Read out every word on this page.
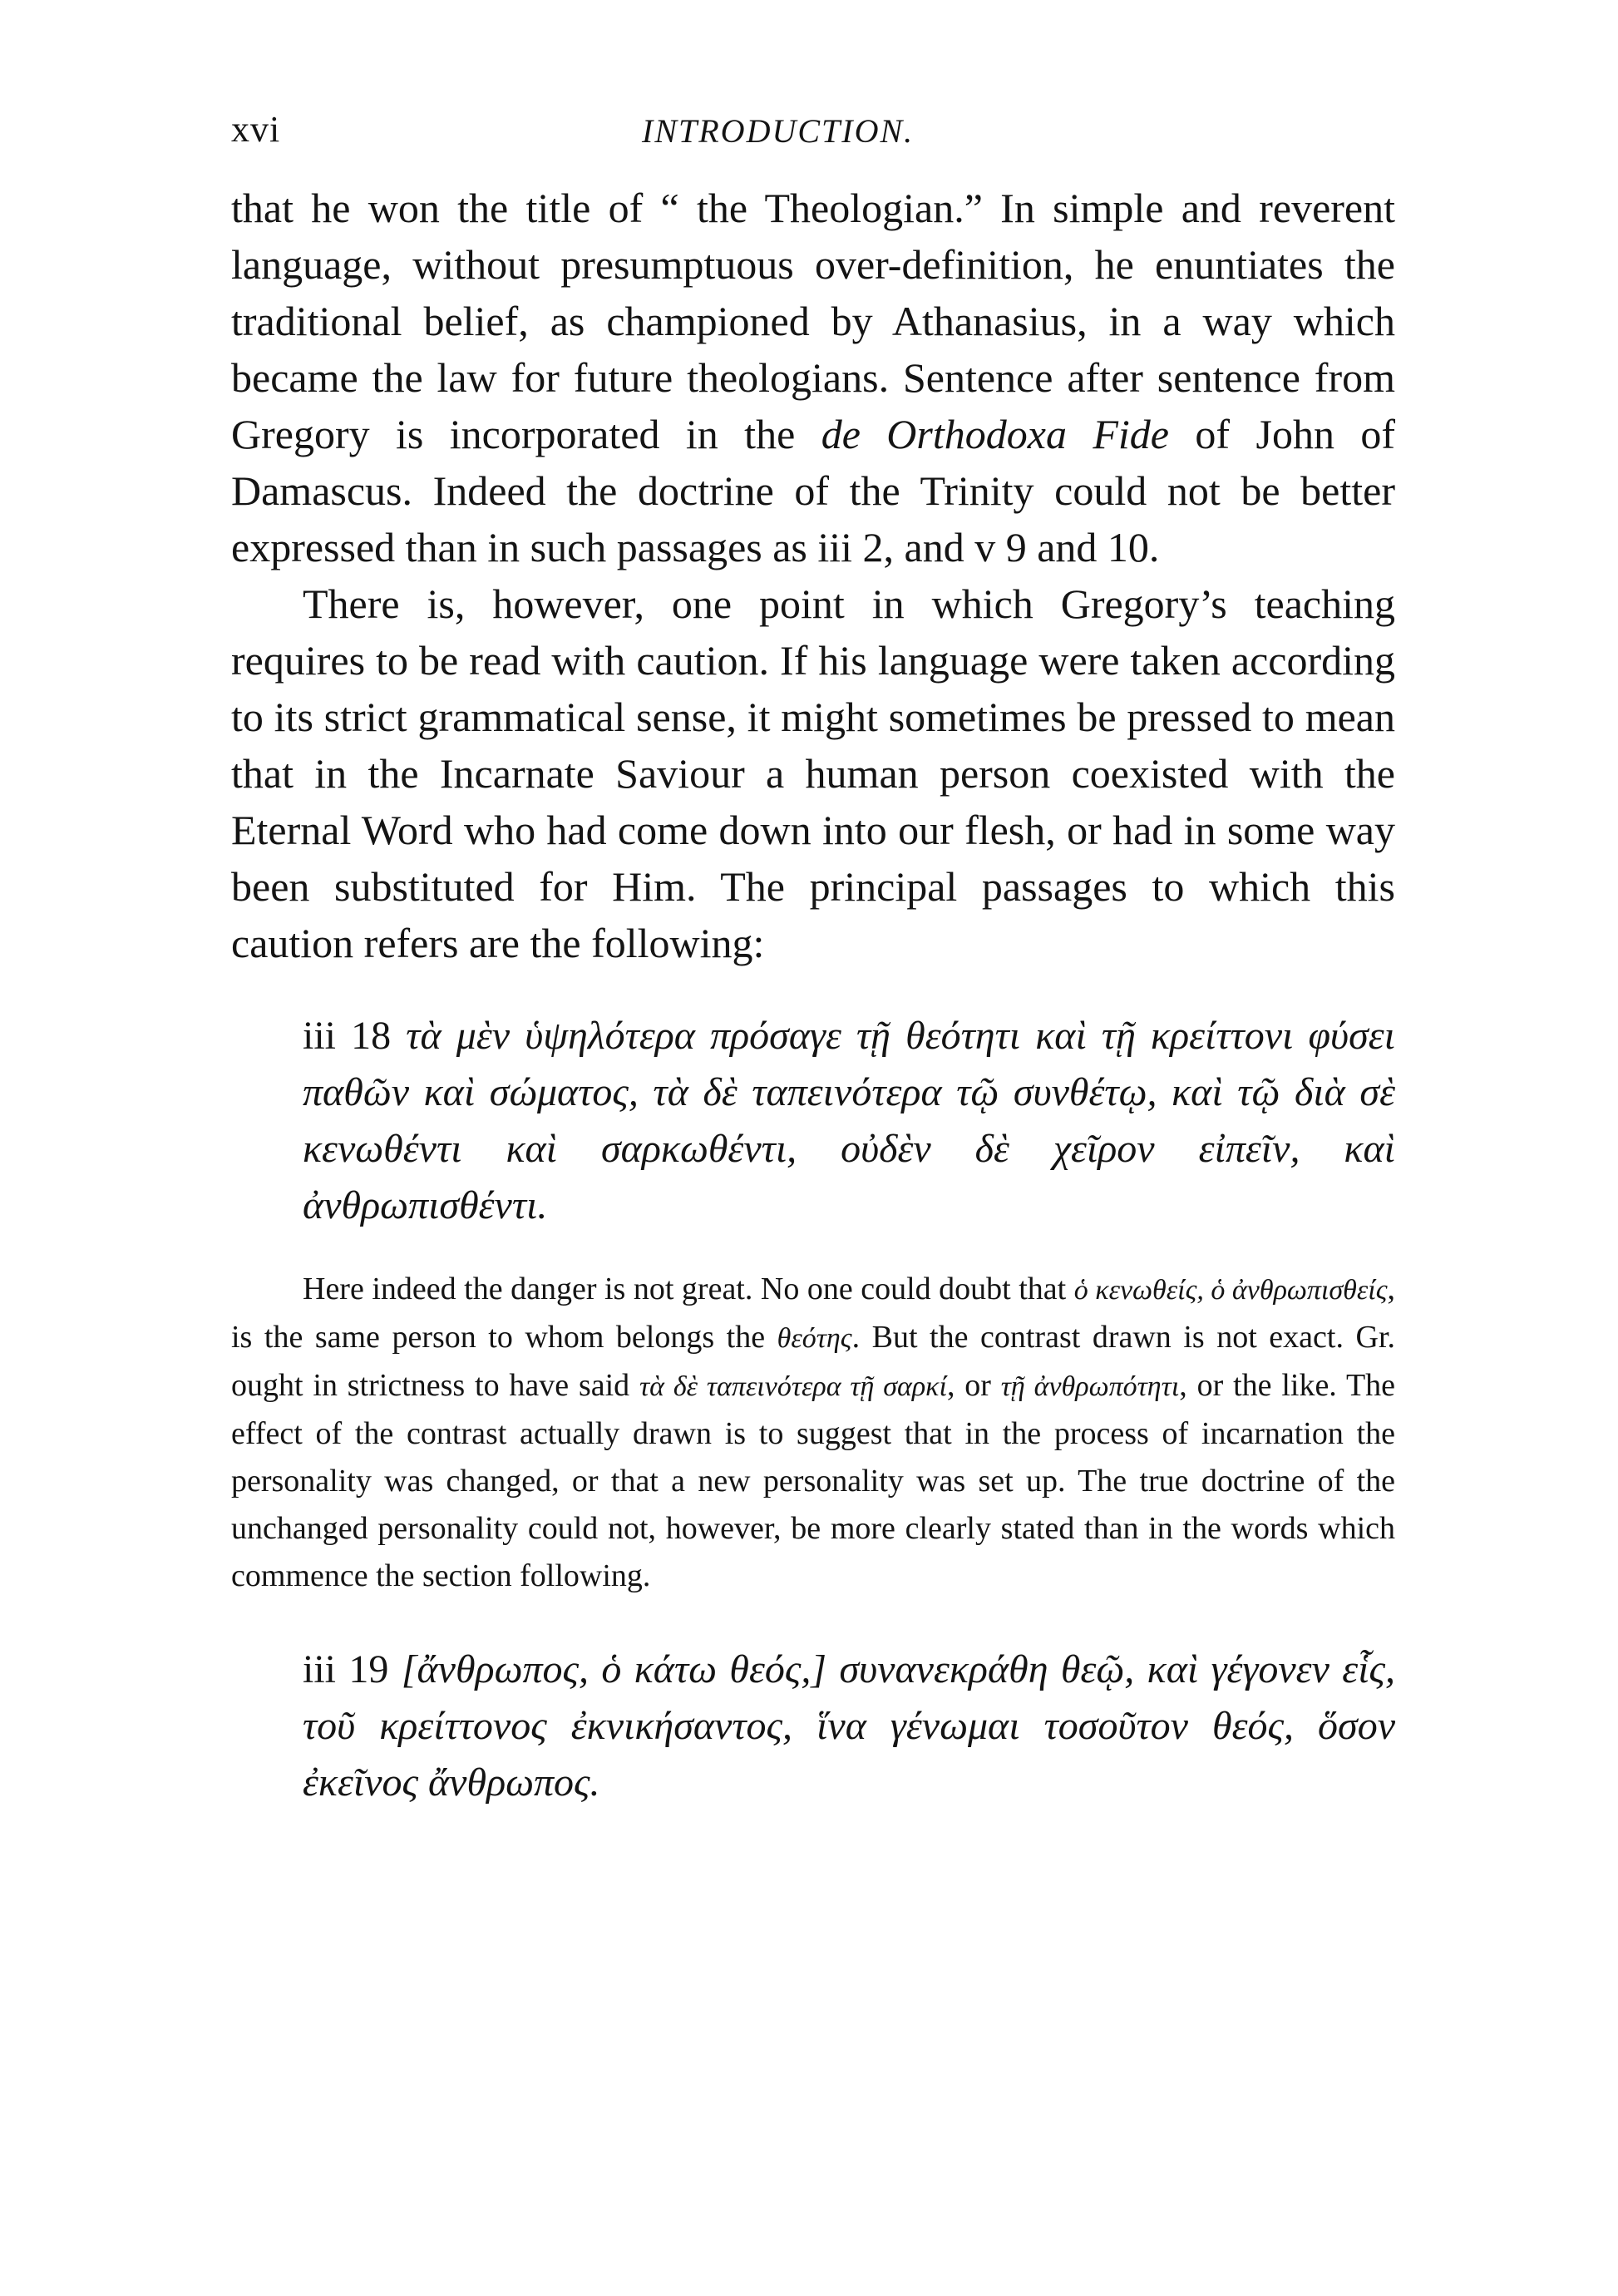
xvi	INTRODUCTION.

that he won the title of “ the Theologian.” In simple and reverent language, without presumptuous over-definition, he enuntiates the traditional belief, as championed by Athanasius, in a way which became the law for future theologians. Sentence after sentence from Gregory is incorporated in the de Orthodoxa Fide of John of Damascus. Indeed the doctrine of the Trinity could not be better expressed than in such passages as iii 2, and v 9 and 10.

There is, however, one point in which Gregory’s teaching requires to be read with caution. If his language were taken according to its strict grammatical sense, it might sometimes be pressed to mean that in the Incarnate Saviour a human person coexisted with the Eternal Word who had come down into our flesh, or had in some way been substituted for Him. The principal passages to which this caution refers are the following:

iii 18 τὰ μὲν ὑψηλότερα πρόσαγε τῇ θεότητι καὶ τῇ κρείττονι φύσει παθῶν καὶ σώματος, τὰ δὲ ταπεινότερα τῷ συνθέτῳ, καὶ τῷ διὰ σὲ κενωθέντι καὶ σαρκωθέντι, οὐδὲν δὲ χεῖρον εἰπεῖν, καὶ ἀνθρωπισθέντι.

Here indeed the danger is not great. No one could doubt that ὁ κενωθείς, ὁ ἀνθρωπισθείς, is the same person to whom belongs the θεότης. But the contrast drawn is not exact. Gr. ought in strictness to have said τὰ δὲ ταπεινότερα τῇ σαρκί, or τῇ ἀνθρωπότητι, or the like. The effect of the contrast actually drawn is to suggest that in the process of incarnation the personality was changed, or that a new personality was set up. The true doctrine of the unchanged personality could not, however, be more clearly stated than in the words which commence the section following.

iii 19 [ἄνθρωπος, ὁ κάτω θεός,] συνανεκράθη θεῷ, καὶ γέγονεν εἷς, τοῦ κρείττονος ἐκνικήσαντος, ἵνα γένωμαι τοσοῦτον θεός, ὅσον ἐκεῖνος ἄνθρωπος.
